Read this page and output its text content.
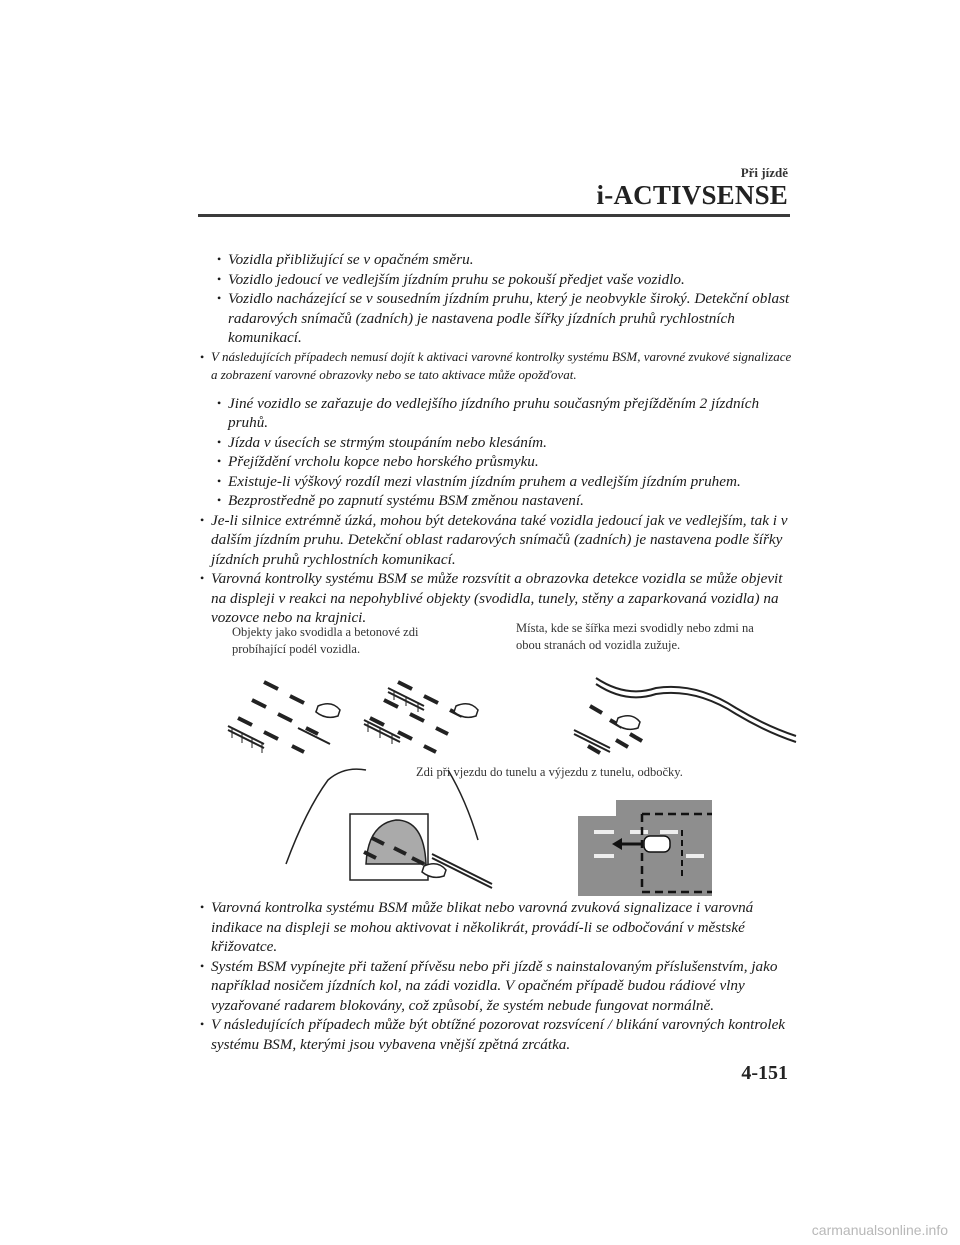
Při jízdě
i-ACTIVSENSE
• Vozidla přibližující se v opačném směru.
• Vozidlo jedoucí ve vedlejším jízdním pruhu se pokouší předjet vaše vozidlo.
• Vozidlo nacházející se v sousedním jízdním pruhu, který je neobvykle široký. Detekční oblast radarových snímačů (zadních) je nastavena podle šířky jízdních pruhů rychlostních komunikací.
• V následujících případech nemusí dojít k aktivaci varovné kontrolky systému BSM, varovné zvukové signalizace a zobrazení varovné obrazovky nebo se tato aktivace může opožďovat.
• Jiné vozidlo se zařazuje do vedlejšího jízdního pruhu současným přejížděním 2 jízdních pruhů.
• Jízda v úsecích se strmým stoupáním nebo klesáním.
• Přejíždění vrcholu kopce nebo horského průsmyku.
• Existuje-li výškový rozdíl mezi vlastním jízdním pruhem a vedlejším jízdním pruhem.
• Bezprostředně po zapnutí systému BSM změnou nastavení.
• Je-li silnice extrémně úzká, mohou být detekována také vozidla jedoucí jak ve vedlejším, tak i v dalším jízdním pruhu. Detekční oblast radarových snímačů (zadních) je nastavena podle šířky jízdních pruhů rychlostních komunikací.
• Varovná kontrolky systému BSM se může rozsvítit a obrazovka detekce vozidla se může objevit na displeji v reakci na nepohyblivé objekty (svodidla, tunely, stěny a zaparkovaná vozidla) na vozovce nebo na krajnici.
Objekty jako svodidla a betonové zdi probíhající podél vozidla.
Místa, kde se šířka mezi svodidly nebo zdmi na obou stranách od vozidla zužuje.
Zdi při vjezdu do tunelu a výjezdu z tunelu, odbočky.
• Varovná kontrolka systému BSM může blikat nebo varovná zvuková signalizace i varovná indikace na displeji se mohou aktivovat i několikrát, provádí-li se odbočování v městské křižovatce.
• Systém BSM vypínejte při tažení přívěsu nebo při jízdě s nainstalovaným příslušenstvím, jako například nosičem jízdních kol, na zádi vozidla. V opačném případě budou rádiové vlny vyzařované radarem blokovány, což způsobí, že systém nebude fungovat normálně.
• V následujících případech může být obtížné pozorovat rozsvícení / blikání varovných kontrolek systému BSM, kterými jsou vybavena vnější zpětná zrcátka.
4-151
carmanualsonline.info
